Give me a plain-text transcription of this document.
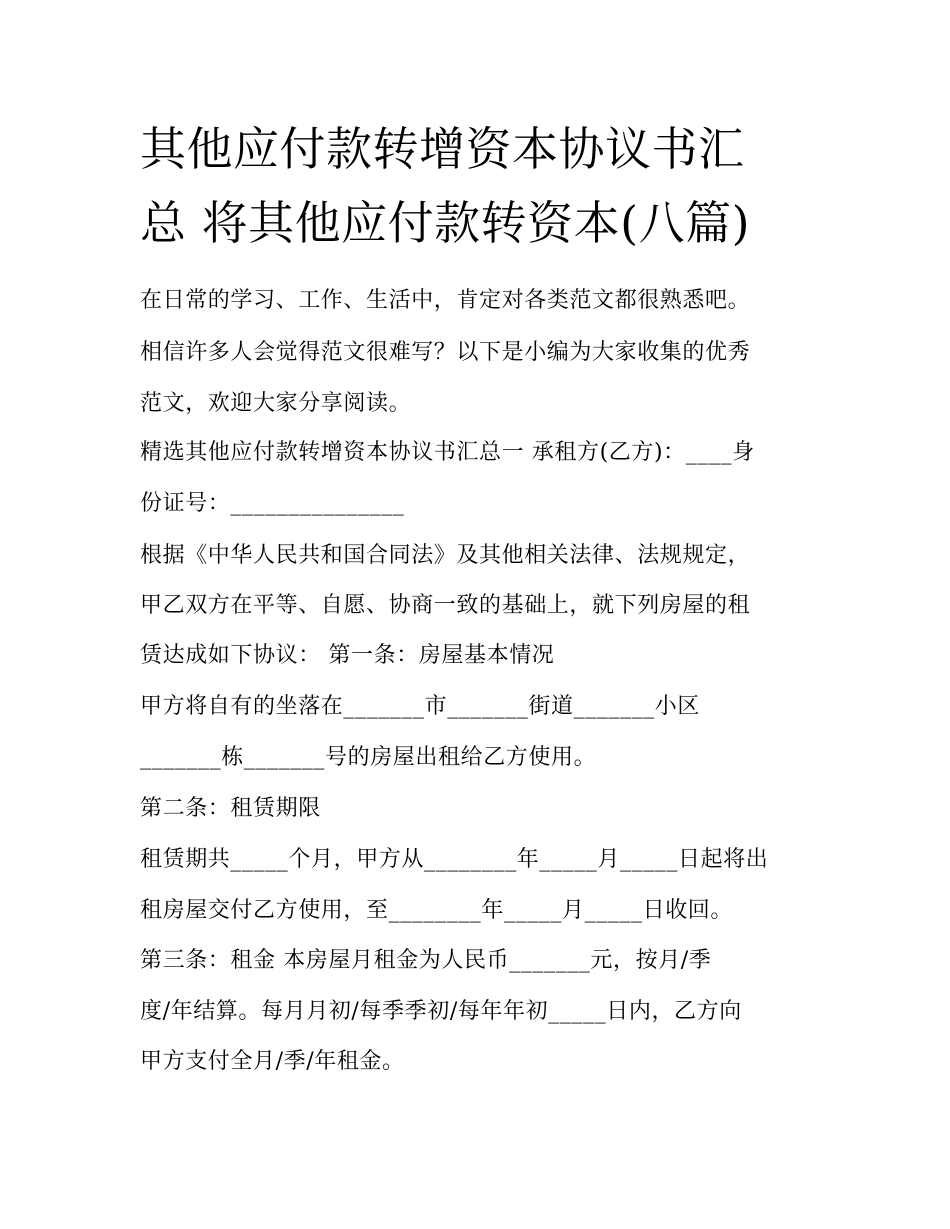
其他应付款转增资本协议书汇
总 将其他应付款转资本(八篇)

在日常的学习、工作、生活中，肯定对各类范文都很熟悉吧。

相信许多人会觉得范文很难写？以下是小编为大家收集的优秀

范文，欢迎大家分享阅读。

精选其他应付款转增资本协议书汇总一 承租方(乙方)：____身

份证号：_______________

根据《中华人民共和国合同法》及其他相关法律、法规规定，

甲乙双方在平等、自愿、协商一致的基础上，就下列房屋的租

赁达成如下协议： 第一条：房屋基本情况

甲方将自有的坐落在_______市_______街道_______小区

_______栋_______号的房屋出租给乙方使用。

第二条：租赁期限

租赁期共_____个月，甲方从________年_____月_____日起将出

租房屋交付乙方使用，至________年_____月_____日收回。

第三条：租金 本房屋月租金为人民币_______元，按月/季

度/年结算。每月月初/每季季初/每年年初_____日内，乙方向

甲方支付全月/季/年租金。
